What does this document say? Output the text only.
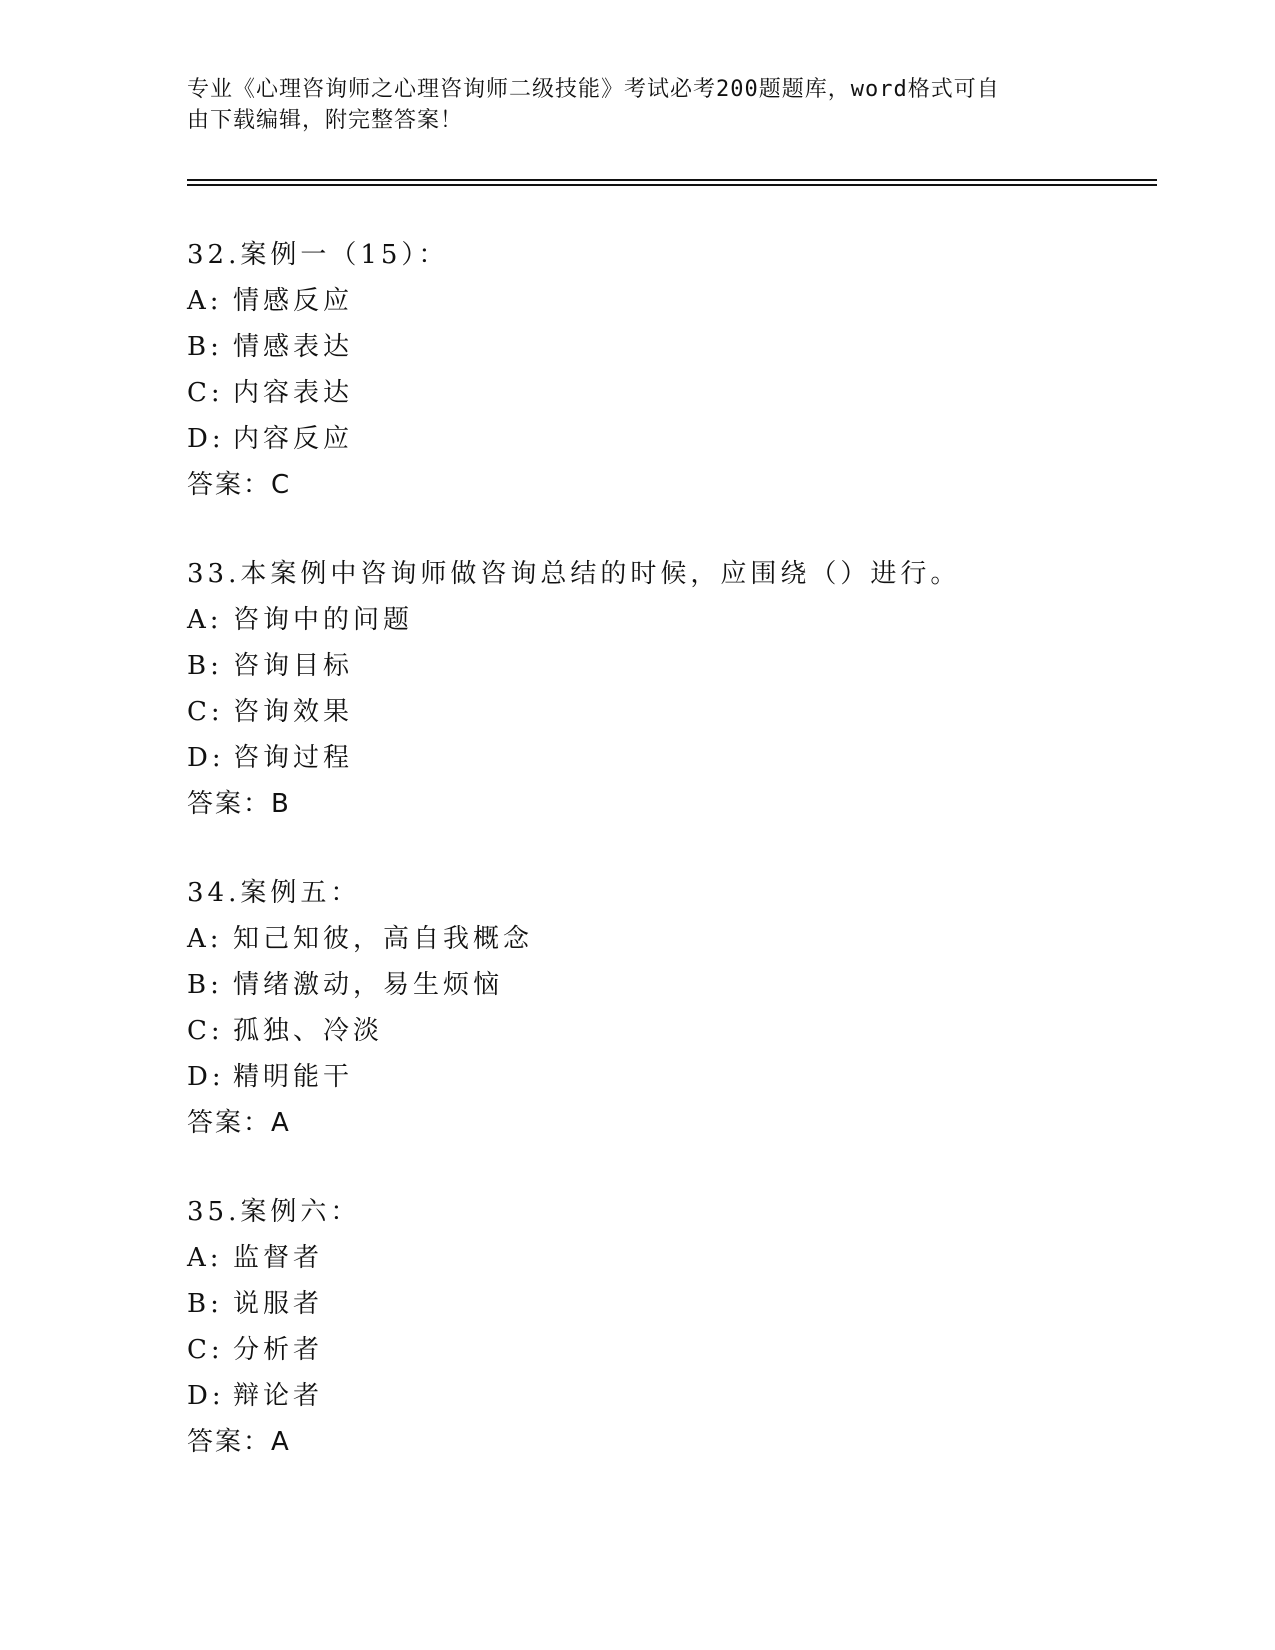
专业《心理咨询师之心理咨询师二级技能》考试必考200题题库，word格式可自
由下载编辑，附完整答案！
32.案例一（15）：
A: 情感反应
B: 情感表达
C: 内容表达
D: 内容反应
答案：C
33.本案例中咨询师做咨询总结的时候，应围绕（）进行。
A: 咨询中的问题
B: 咨询目标
C: 咨询效果
D: 咨询过程
答案：B
34.案例五：
A: 知己知彼，高自我概念
B: 情绪激动，易生烦恼
C: 孤独、冷淡
D: 精明能干
答案：A
35.案例六：
A: 监督者
B: 说服者
C: 分析者
D: 辩论者
答案：A
